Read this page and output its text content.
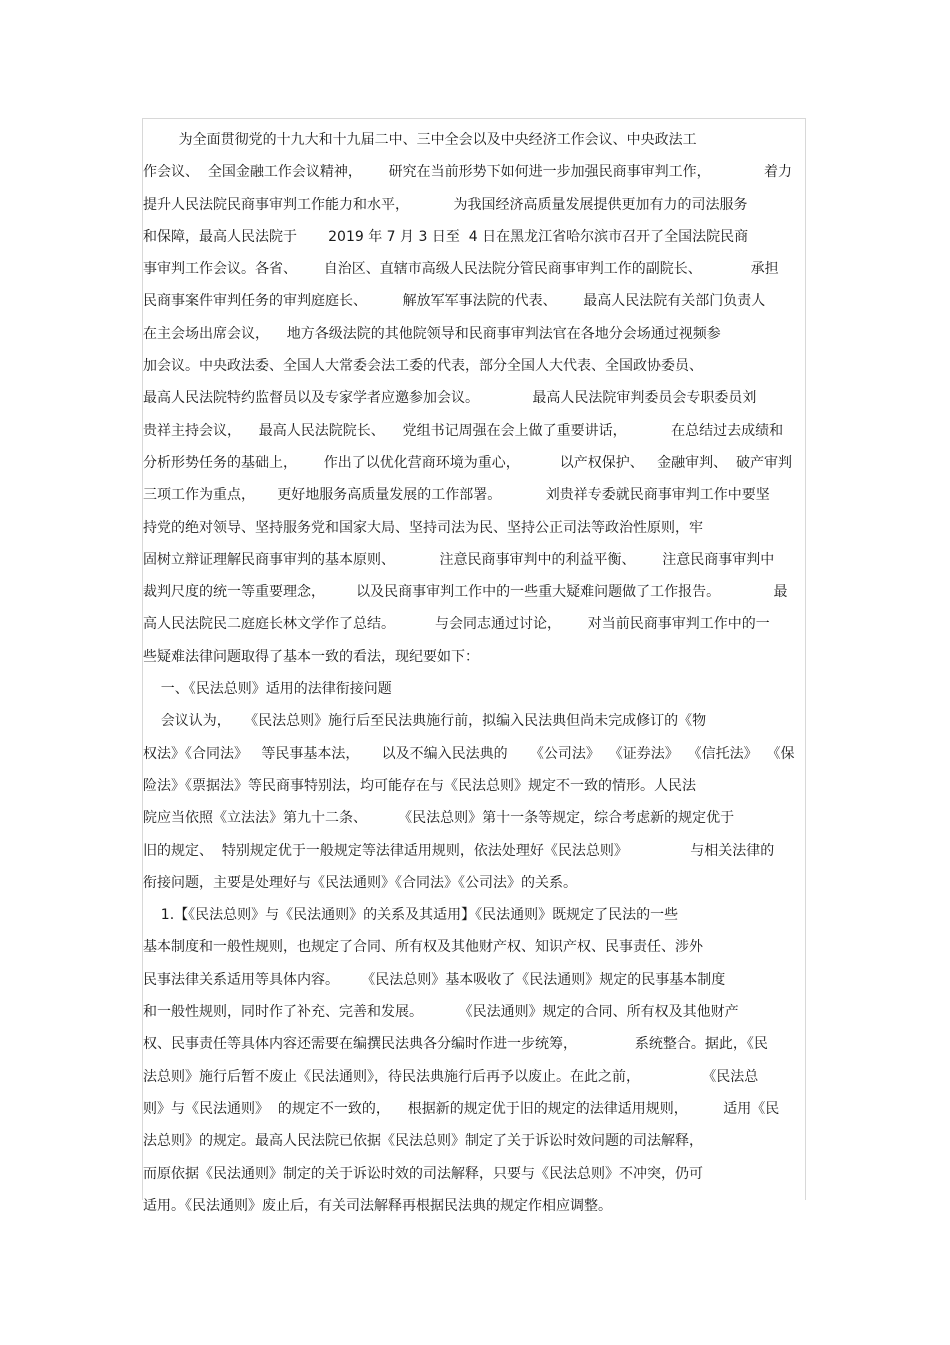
为全面贯彻党的十九大和十九届二中、三中全会以及中央经济工作会议、中央政法工
作会议、  全国金融工作会议精神，      研究在当前形势下如何进一步加强民商事审判工作，            着力
提升人民法院民商事审判工作能力和水平，          为我国经济高质量发展提供更加有力的司法服务
和保障，最高人民法院于       2019 年 7 月 3 日至  4 日在黑龙江省哈尔滨市召开了全国法院民商
事审判工作会议。各省、      自治区、直辖市高级人民法院分管民商事审判工作的副院长、           承担
民商事案件审判任务的审判庭庭长、        解放军军事法院的代表、      最高人民法院有关部门负责人
在主会场出席会议，    地方各级法院的其他院领导和民商事审判法官在各地分会场通过视频参
加会议。中央政法委、全国人大常委会法工委的代表，部分全国人大代表、全国政协委员、
最高人民法院特约监督员以及专家学者应邀参加会议。            最高人民法院审判委员会专职委员刘
贵祥主持会议，    最高人民法院院长、    党组书记周强在会上做了重要讲话，          在总结过去成绩和
分析形势任务的基础上，      作出了以优化营商环境为重心，         以产权保护、   金融审判、  破产审判
三项工作为重点，     更好地服务高质量发展的工作部署。          刘贵祥专委就民商事审判工作中要坚
持党的绝对领导、坚持服务党和国家大局、坚持司法为民、坚持公正司法等政治性原则，牢
固树立辩证理解民商事审判的基本原则、          注意民商事审判中的利益平衡、      注意民商事审判中
裁判尺度的统一等重要理念，       以及民商事审判工作中的一些重大疑难问题做了工作报告。            最
高人民法院民二庭庭长林文学作了总结。         与会同志通过讨论，      对当前民商事审判工作中的一
些疑难法律问题取得了基本一致的看法，现纪要如下：
一、《民法总则》适用的法律衔接问题
会议认为，   《民法总则》施行后至民法典施行前，拟编入民法典但尚未完成修订的《物
权法》《合同法》   等民事基本法，     以及不编入民法典的     《公司法》  《证券法》  《信托法》  《保
险法》《票据法》等民商事特别法，均可能存在与《民法总则》规定不一致的情形。人民法
院应当依照《立法法》第九十二条、       《民法总则》第十一条等规定，综合考虑新的规定优于
旧的规定、  特别规定优于一般规定等法律适用规则，依法处理好《民法总则》              与相关法律的
衔接问题，主要是处理好与《民法通则》《合同法》《公司法》的关系。
1.【《民法总则》与《民法通则》的关系及其适用】《民法通则》既规定了民法的一些
基本制度和一般性规则，也规定了合同、所有权及其他财产权、知识产权、民事责任、涉外
民事法律关系适用等具体内容。     《民法总则》基本吸收了《民法通则》规定的民事基本制度
和一般性规则，同时作了补充、完善和发展。        《民法通则》规定的合同、所有权及其他财产
权、民事责任等具体内容还需要在编撰民法典各分编时作进一步统筹，             系统整合。据此，《民
法总则》施行后暂不废止《民法通则》，待民法典施行后再予以废止。在此之前，              《民法总
则》与《民法通则》  的规定不一致的，    根据新的规定优于旧的规定的法律适用规则，        适用《民
法总则》的规定。最高人民法院已依据《民法总则》制定了关于诉讼时效问题的司法解释，
而原依据《民法通则》制定的关于诉讼时效的司法解释，只要与《民法总则》不冲突，仍可
适用。《民法通则》废止后，有关司法解释再根据民法典的规定作相应调整。
